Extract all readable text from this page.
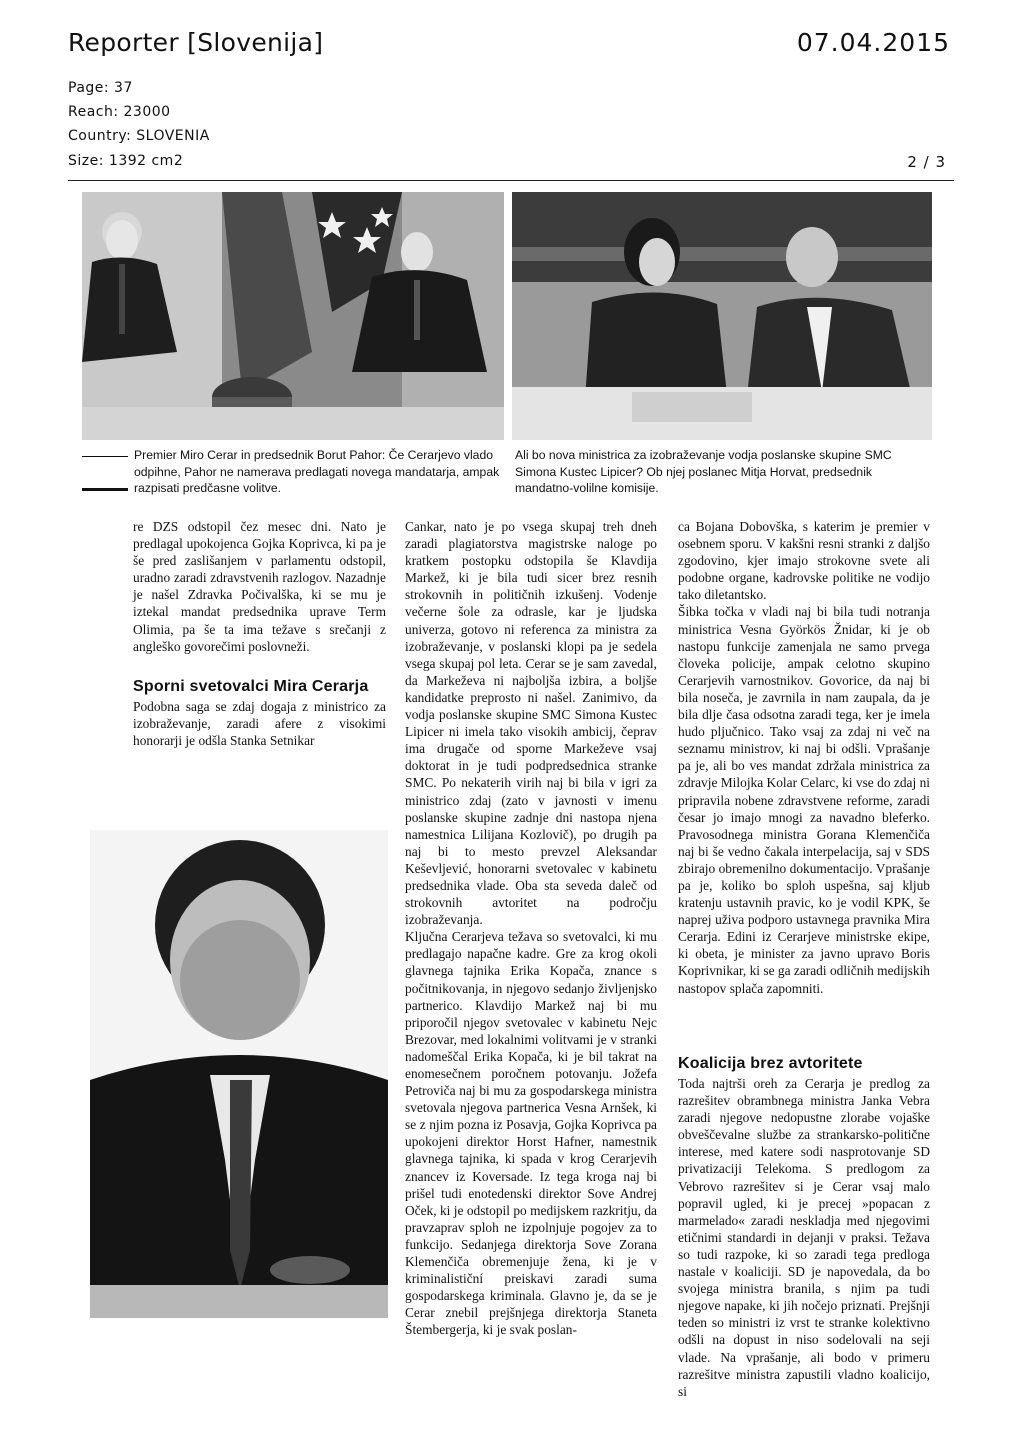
Reporter [Slovenija]	07.04.2015
Page: 37
Reach: 23000
Country: SLOVENIA
Size: 1392 cm2	2 / 3
Premier Miro Cerar in predsednik Borut Pahor: Če Cerarjevo vlado odpihne, Pahor ne namerava predlagati novega mandatarja, ampak razpisati predčasne volitve.
Ali bo nova ministrica za izobraževanje vodja poslanske skupine SMC Simona Kustec Lipicer? Ob njej poslanec Mitja Horvat, predsednik mandatno-volilne komisije.

re DZS odstopil čez mesec dni. Nato je predlagal upokojenca Gojka Koprivca, ki pa je še pred zaslišanjem v parlamentu odstopil, uradno zaradi zdravstvenih razlogov. Nazadnje je našel Zdravka Počivalška, ki se mu je iztekal mandat predsednika uprave Term Olimia, pa še ta ima težave s srečanji z angleško govorečimi poslovneži.

Sporni svetovalci Mira Cerarja

Podobna saga se zdaj dogaja z ministrico za izobraževanje, zaradi afere z visokimi honorarji je odšla Stanka Setnikar

Cankar, nato je po vsega skupaj treh dneh zaradi plagiatorstva magistrske naloge po kratkem postopku odstopila še Klavdija Markež, ki je bila tudi sicer brez resnih strokovnih in političnih izkušenj. Vodenje večerne šole za odrasle, kar je ljudska univerza, gotovo ni referenca za ministra za izobraževanje, v poslanski klopi pa je sedela vsega skupaj pol leta. Cerar se je sam zavedal, da Markeževa ni najboljša izbira, a boljše kandidatke preprosto ni našel. Zanimivo, da vodja poslanske skupine SMC Simona Kustec Lipicer ni imela tako visokih ambicij, čeprav ima drugače od sporne Markeževe vsaj doktorat in je tudi podpredsednica stranke SMC. Po nekaterih virih naj bi bila v igri za ministrico zdaj (zato v javnosti v imenu poslanske skupine zadnje dni nastopa njena namestnica Lilijana Kozlovič), po drugih pa naj bi to mesto prevzel Aleksandar Keševljević, honorarni svetovalec v kabinetu predsednika vlade. Oba sta seveda daleč od strokovnih avtoritet na področju izobraževanja.

Ključna Cerarjeva težava so svetovalci, ki mu predlagajo napačne kadre. Gre za krog okoli glavnega tajnika Erika Kopača, znance s počitnikovanja, in njegovo sedanjo življenjsko partnerico. Klavdijo Markež naj bi mu priporočil njegov svetovalec v kabinetu Nejc Brezovar, med lokalnimi volitvami je v stranki nadomeščal Erika Kopača, ki je bil takrat na enomesečnem poročnem potovanju. Jožefa Petroviča naj bi mu za gospodarskega ministra svetovala njegova partnerica Vesna Arnšek, ki se z njim pozna iz Posavja, Gojka Koprivca pa upokojeni direktor Horst Hafner, namestnik glavnega tajnika, ki spada v krog Cerarjevih znancev iz Koversade. Iz tega kroga naj bi prišel tudi enotedenski direktor Sove Andrej Oček, ki je odstopil po medijskem razkritju, da pravzaprav sploh ne izpolnjuje pogojev za to funkcijo. Sedanjega direktorja Sove Zorana Klemenčiča obremenjuje žena, ki je v kriminalističní preiskavi zaradi suma gospodarskega kriminala. Glavno je, da se je Cerar znebil prejšnjega direktorja Staneta Štembergerja, ki je svak poslan-

ca Bojana Dobovška, s katerim je premier v osebnem sporu. V kakšni resni stranki z daljšo zgodovino, kjer imajo strokovne svete ali podobne organe, kadrovske politike ne vodijo tako diletantsko.

Šibka točka v vladi naj bi bila tudi notranja ministrica Vesna Györkös Žnidar, ki je ob nastopu funkcije zamenjala ne samo prvega človeka policije, ampak celotno skupino Cerarjevih varnostnikov. Govorice, da naj bi bila noseča, je zavrnila in nam zaupala, da je bila dlje časa odsotna zaradi tega, ker je imela hudo pljučnico. Tako vsaj za zdaj ni več na seznamu ministrov, ki naj bi odšli. Vprašanje pa je, ali bo ves mandat zdržala ministrica za zdravje Milojka Kolar Celarc, ki vse do zdaj ni pripravila nobene zdravstvene reforme, zaradi česar jo imajo mnogi za navadno bleferko. Pravosodnega ministra Gorana Klemenčiča naj bi še vedno čakala interpelacija, saj v SDS zbirajo obremenilno dokumentacijo. Vprašanje pa je, koliko bo sploh uspešna, saj kljub kratenju ustavnih pravic, ko je vodil KPK, še naprej uživa podporo ustavnega pravnika Mira Cerarja. Edini iz Cerarjeve ministrske ekipe, ki obeta, je minister za javno upravo Boris Koprivnikar, ki se ga zaradi odličnih medijskih nastopov splača zapomniti.

Koalicija brez avtoritete

Toda najtrši oreh za Cerarja je predlog za razrešitev obrambnega ministra Janka Vebra zaradi njegove nedopustne zlorabe vojaške obveščevalne službe za strankarsko-politične interese, med katere sodi nasprotovanje SD privatizaciji Telekoma. S predlogom za Vebrovo razrešitev si je Cerar vsaj malo popravil ugled, ki je precej »popacan z marmelado« zaradi neskladja med njegovimi etičnimi standardi in dejanji v praksi. Težava so tudi razpoke, ki so zaradi tega predloga nastale v koaliciji. SD je napovedala, da bo svojega ministra branila, s njim pa tudi njegove napake, ki jih nočejo priznati. Prejšnji teden so ministri iz vrst te stranke kolektivno odšli na dopust in niso sodelovali na seji vlade. Na vprašanje, ali bodo v primeru razrešitve ministra zapustili vladno koalicijo, si
